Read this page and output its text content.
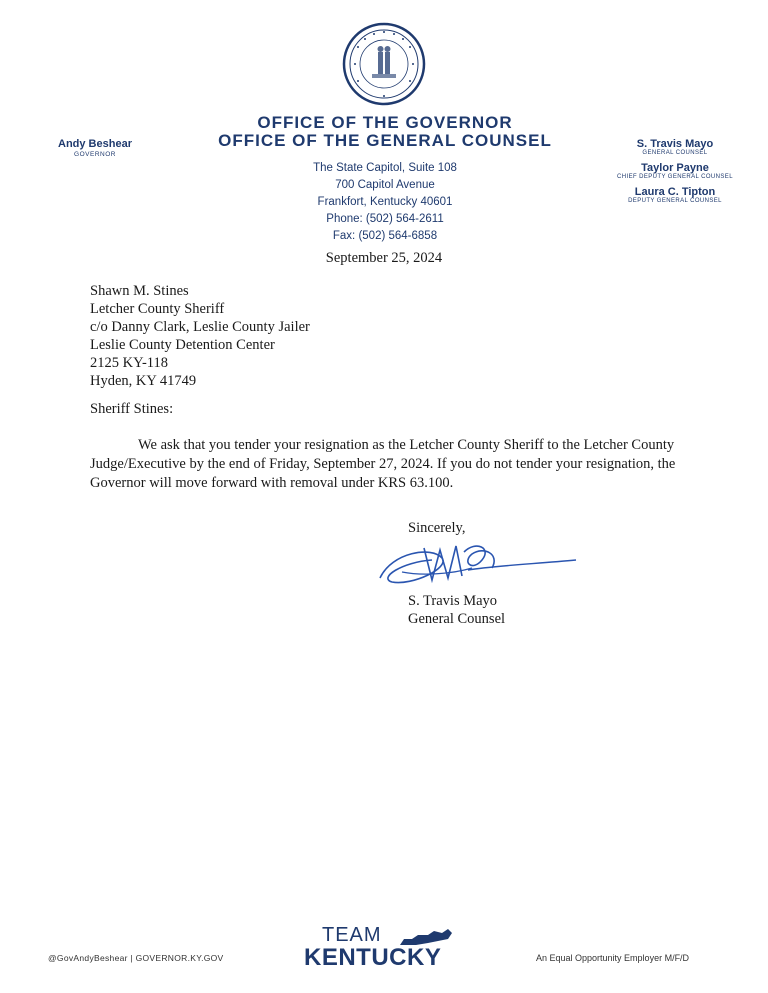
Andy Beshear
GOVERNOR
OFFICE OF THE GOVERNOR
OFFICE OF THE GENERAL COUNSEL
The State Capitol, Suite 108
700 Capitol Avenue
Frankfort, Kentucky 40601
Phone: (502) 564-2611
Fax: (502) 564-6858
S. Travis Mayo
GENERAL COUNSEL
Taylor Payne
CHIEF DEPUTY GENERAL COUNSEL
Laura C. Tipton
DEPUTY GENERAL COUNSEL
September 25, 2024
Shawn M. Stines
Letcher County Sheriff
c/o Danny Clark, Leslie County Jailer
Leslie County Detention Center
2125 KY-118
Hyden, KY 41749
Sheriff Stines:
We ask that you tender your resignation as the Letcher County Sheriff to the Letcher County Judge/Executive by the end of Friday, September 27, 2024. If you do not tender your resignation, the Governor will move forward with removal under KRS 63.100.
Sincerely,
S. Travis Mayo
General Counsel
@GovAndyBeshear | GOVERNOR.KY.GOV
TEAM
KENTUCKY	An Equal Opportunity Employer M/F/D
